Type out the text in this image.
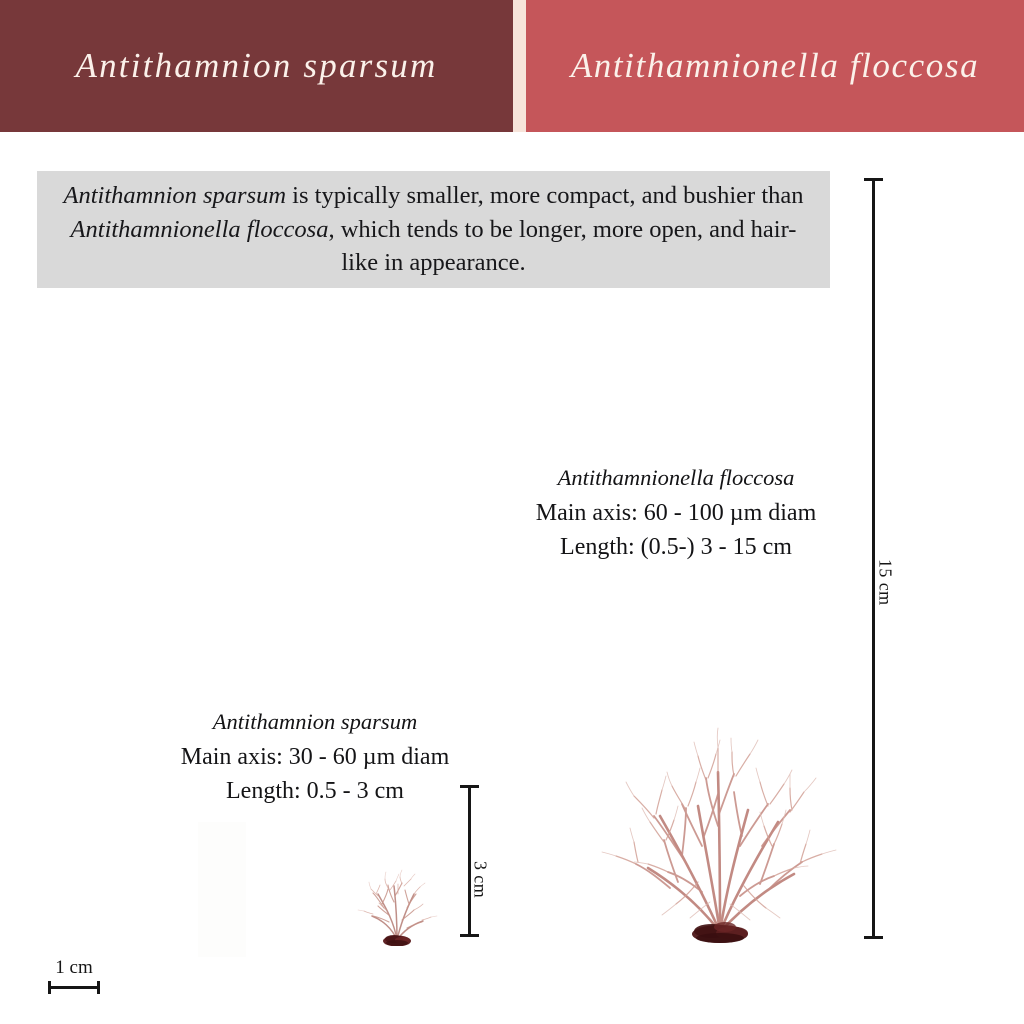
Antithamnion sparsum	Antithamnionella floccosa
Antithamnion sparsum is typically smaller, more compact, and bushier than Antithamnionella floccosa, which tends to be longer, more open, and hair-like in appearance.
Antithamnionella floccosa
Main axis: 60 - 100 µm diam
Length: (0.5-) 3 - 15 cm
Antithamnion sparsum
Main axis: 30 - 60 µm diam
Length: 0.5 - 3 cm
15 cm
3 cm
1 cm
